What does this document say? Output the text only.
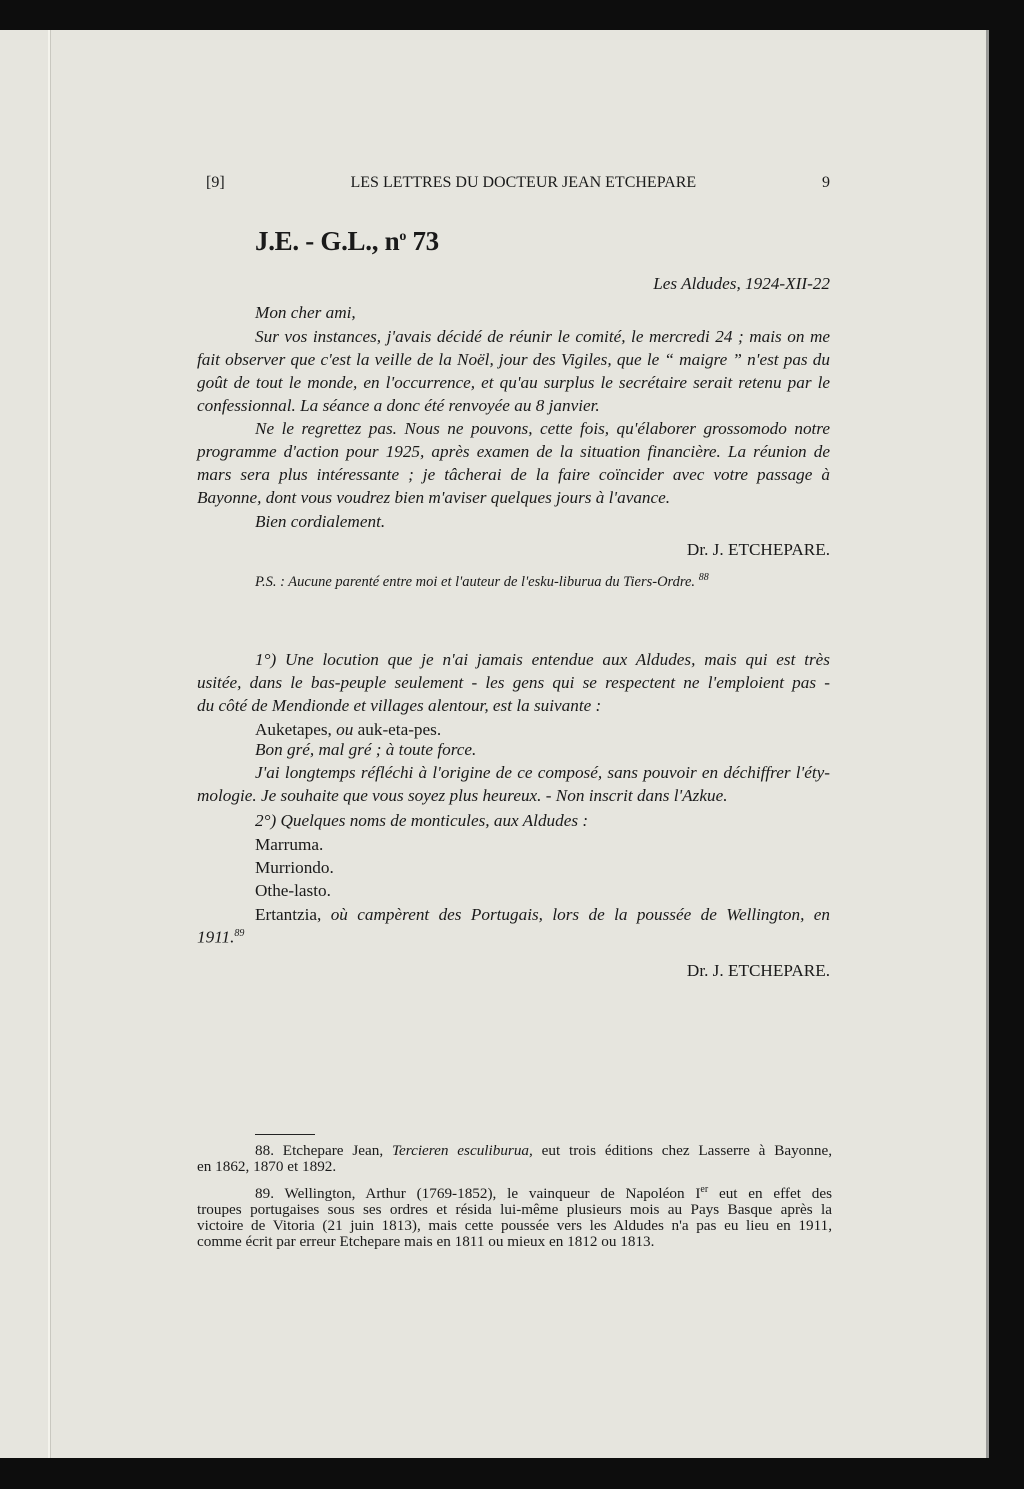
[9]	LES LETTRES DU DOCTEUR JEAN ETCHEPARE	9
J.E. - G.L., $n^o$ 73
Les Aldudes, 1924-XII-22
Mon cher ami,
Sur vos instances, j'avais décidé de réunir le comité, le mercredi 24 ; mais on me
fait observer que c'est la veille de la Noël, jour des Vigiles, que le “ maigre ” n'est pas du
goût de tout le monde, en l'occurrence, et qu'au surplus le secrétaire serait retenu par le
confessionnal. La séance a donc été renvoyée au 8 janvier.
Ne le regrettez pas. Nous ne pouvons, cette fois, qu'élaborer grossomodo notre
programme d'action pour 1925, après examen de la situation financière. La réunion de
mars sera plus intéressante ; je tâcherai de la faire coïncider avec votre passage à
Bayonne, dont vous voudrez bien m'aviser quelques jours à l'avance.
Bien cordialement.
Dr. J. ETCHEPARE.
P.S. : Aucune parenté entre moi et l'auteur de l'esku-liburua du Tiers-Ordre. $^{88}$
1°) Une locution que je n'ai jamais entendue aux Aldudes, mais qui est très
usitée, dans le bas-peuple seulement - les gens qui se respectent ne l'emploient pas -
du côté de Mendionde et villages alentour, est la suivante :
Auketapes, ou auk-eta-pes.
Bon gré, mal gré ; à toute force.
J'ai longtemps réfléchi à l'origine de ce composé, sans pouvoir en déchiffrer l'éty-
mologie. Je souhaite que vous soyez plus heureux. - Non inscrit dans l'Azkue.
2°) Quelques noms de monticules, aux Aldudes :
Marruma.
Murriondo.
Othe-lasto.
Ertantzia, où campèrent des Portugais, lors de la poussée de Wellington, en
1911.89
Dr. J. ETCHEPARE.
88. Etchepare Jean, Tercieren esculiburua, eut trois éditions chez Lasserre à Bayonne,
en 1862, 1870 et 1892.
89. Wellington, Arthur (1769-1852), le vainqueur de Napoléon Ier eut en effet des
troupes portugaises sous ses ordres et résida lui-même plusieurs mois au Pays Basque après la
victoire de Vitoria (21 juin 1813), mais cette poussée vers les Aldudes n'a pas eu lieu en 1911,
comme écrit par erreur Etchepare mais en 1811 ou mieux en 1812 ou 1813.
